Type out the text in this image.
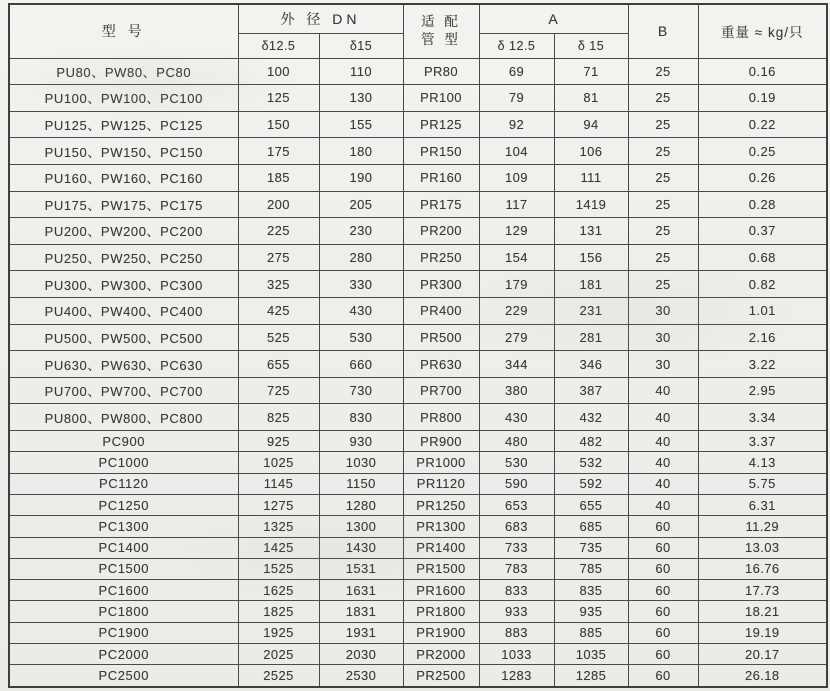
型 号	外 径 DN		适 配
管 型	A		B	重量 ≈ kg/只
	δ12.5	δ15		δ 12.5	δ 15		
PU80、PW80、PC80	100	110	PR80	69	71	25	0.16
PU100、PW100、PC100	125	130	PR100	79	81	25	0.19
PU125、PW125、PC125	150	155	PR125	92	94	25	0.22
PU150、PW150、PC150	175	180	PR150	104	106	25	0.25
PU160、PW160、PC160	185	190	PR160	109	111	25	0.26
PU175、PW175、PC175	200	205	PR175	117	1419	25	0.28
PU200、PW200、PC200	225	230	PR200	129	131	25	0.37
PU250、PW250、PC250	275	280	PR250	154	156	25	0.68
PU300、PW300、PC300	325	330	PR300	179	181	25	0.82
PU400、PW400、PC400	425	430	PR400	229	231	30	1.01
PU500、PW500、PC500	525	530	PR500	279	281	30	2.16
PU630、PW630、PC630	655	660	PR630	344	346	30	3.22
PU700、PW700、PC700	725	730	PR700	380	387	40	2.95
PU800、PW800、PC800	825	830	PR800	430	432	40	3.34
PC900	925	930	PR900	480	482	40	3.37
PC1000	1025	1030	PR1000	530	532	40	4.13
PC1120	1145	1150	PR1120	590	592	40	5.75
PC1250	1275	1280	PR1250	653	655	40	6.31
PC1300	1325	1300	PR1300	683	685	60	11.29
PC1400	1425	1430	PR1400	733	735	60	13.03
PC1500	1525	1531	PR1500	783	785	60	16.76
PC1600	1625	1631	PR1600	833	835	60	17.73
PC1800	1825	1831	PR1800	933	935	60	18.21
PC1900	1925	1931	PR1900	883	885	60	19.19
PC2000	2025	2030	PR2000	1033	1035	60	20.17
PC2500	2525	2530	PR2500	1283	1285	60	26.18
